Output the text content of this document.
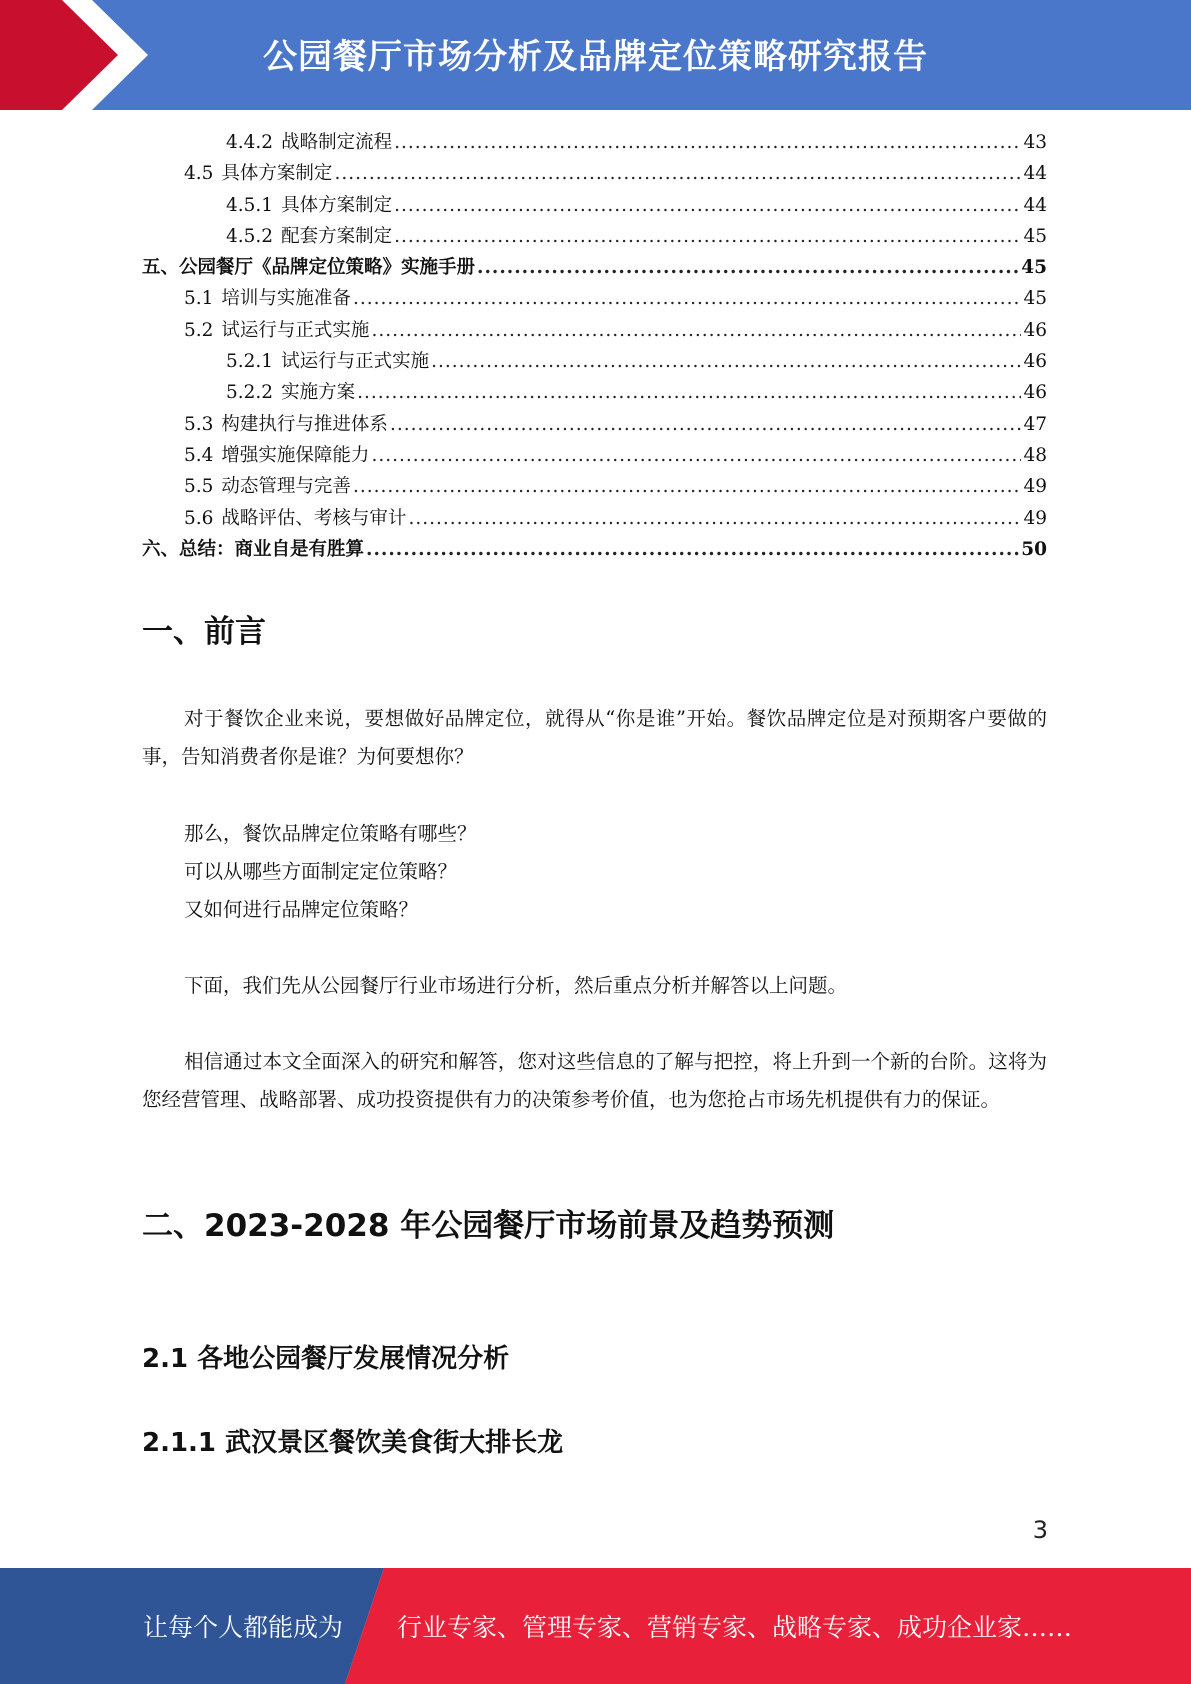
公园餐厅市场分析及品牌定位策略研究报告
4.4.2 战略制定流程 .....	43
4.5 具体方案制定 .....	44
4.5.1 具体方案制定 .....	44
4.5.2 配套方案制定 .....	45
五、公园餐厅《品牌定位策略》实施手册 .....	45
5.1 培训与实施准备 .....	45
5.2 试运行与正式实施 .....	46
5.2.1 试运行与正式实施 .....	46
5.2.2 实施方案 .....	46
5.3 构建执行与推进体系 .....	47
5.4 增强实施保障能力 .....	48
5.5 动态管理与完善 .....	49
5.6 战略评估、考核与审计 .....	49
六、总结：商业自是有胜算 .....	50
一、前言
对于餐饮企业来说，要想做好品牌定位，就得从“你是谁”开始。餐饮品牌定位是对预期客户要做的事，告知消费者你是谁？为何要想你？
那么，餐饮品牌定位策略有哪些？
可以从哪些方面制定定位策略？
又如何进行品牌定位策略？
下面，我们先从公园餐厅行业市场进行分析，然后重点分析并解答以上问题。
相信通过本文全面深入的研究和解答，您对这些信息的了解与把控，将上升到一个新的台阶。这将为您经营管理、战略部署、成功投资提供有力的决策参考价值，也为您抢占市场先机提供有力的保证。
二、2023-2028 年公园餐厅市场前景及趋势预测
2.1 各地公园餐厅发展情况分析
2.1.1 武汉景区餐饮美食街大排长龙
3
让每个人都能成为 行业专家、管理专家、营销专家、战略专家、成功企业家……
